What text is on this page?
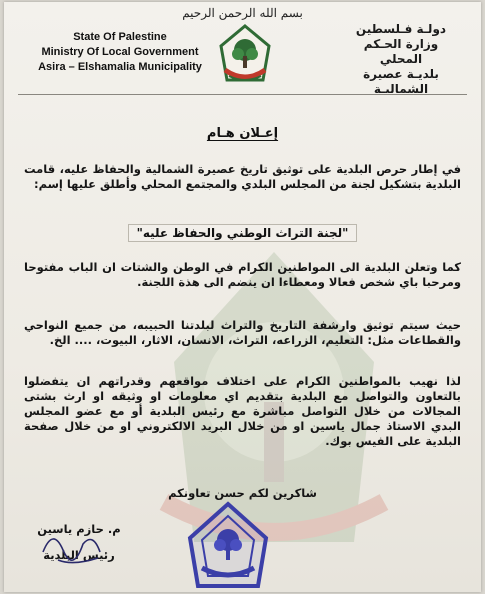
بسم الله الرحمن الرحيم
State Of Palestine
Ministry Of Local Government
Asira – Elshamalia Municipality
دولـة فـلسطين
وزارة الحـكم المحلي
بلديـة عصيرة الشماليـة
إعـلان هـام
في إطار حرص البلدية على توثيق تاريخ عصيرة الشمالية والحفاظ عليه، قامت البلدية بتشكيل لجنة من المجلس البلدي والمجتمع المحلي وأطلق عليها إسم:
"لجنة التراث الوطني والحفاظ عليه"
كما وتعلن البلدية الى المواطنين الكرام في الوطن والشتات ان الباب مفتوحا ومرحبا باي شخص فعالا ومعطاءا ان ينضم الى هذة اللجنة.
حيث سيتم توثيق وارشفة التاريخ والتراث لبلدتنا الحبيبه، من جميع النواحي والقطاعات مثل: التعليم، الزراعه، التراث، الانسان، الاثار، البيوت، .... الخ.
لذا نهيب بالمواطنين الكرام على اختلاف مواقعهم وقدراتهم ان يتفضلوا بالتعاون والتواصل مع البلدية بتقديم اي معلومات او وثيقه او ارث بشتى المجالات من خلال التواصل مباشرة مع رئيس البلدية أو مع عضو المجلس البدي الاستاذ جمال ياسين او من خلال البريد الالكتروني او من خلال صفحة البلدية على الفيس بوك.
شاكرين لكم حسن تعاونكم
م. حازم ياسين
رئيس البلدية
